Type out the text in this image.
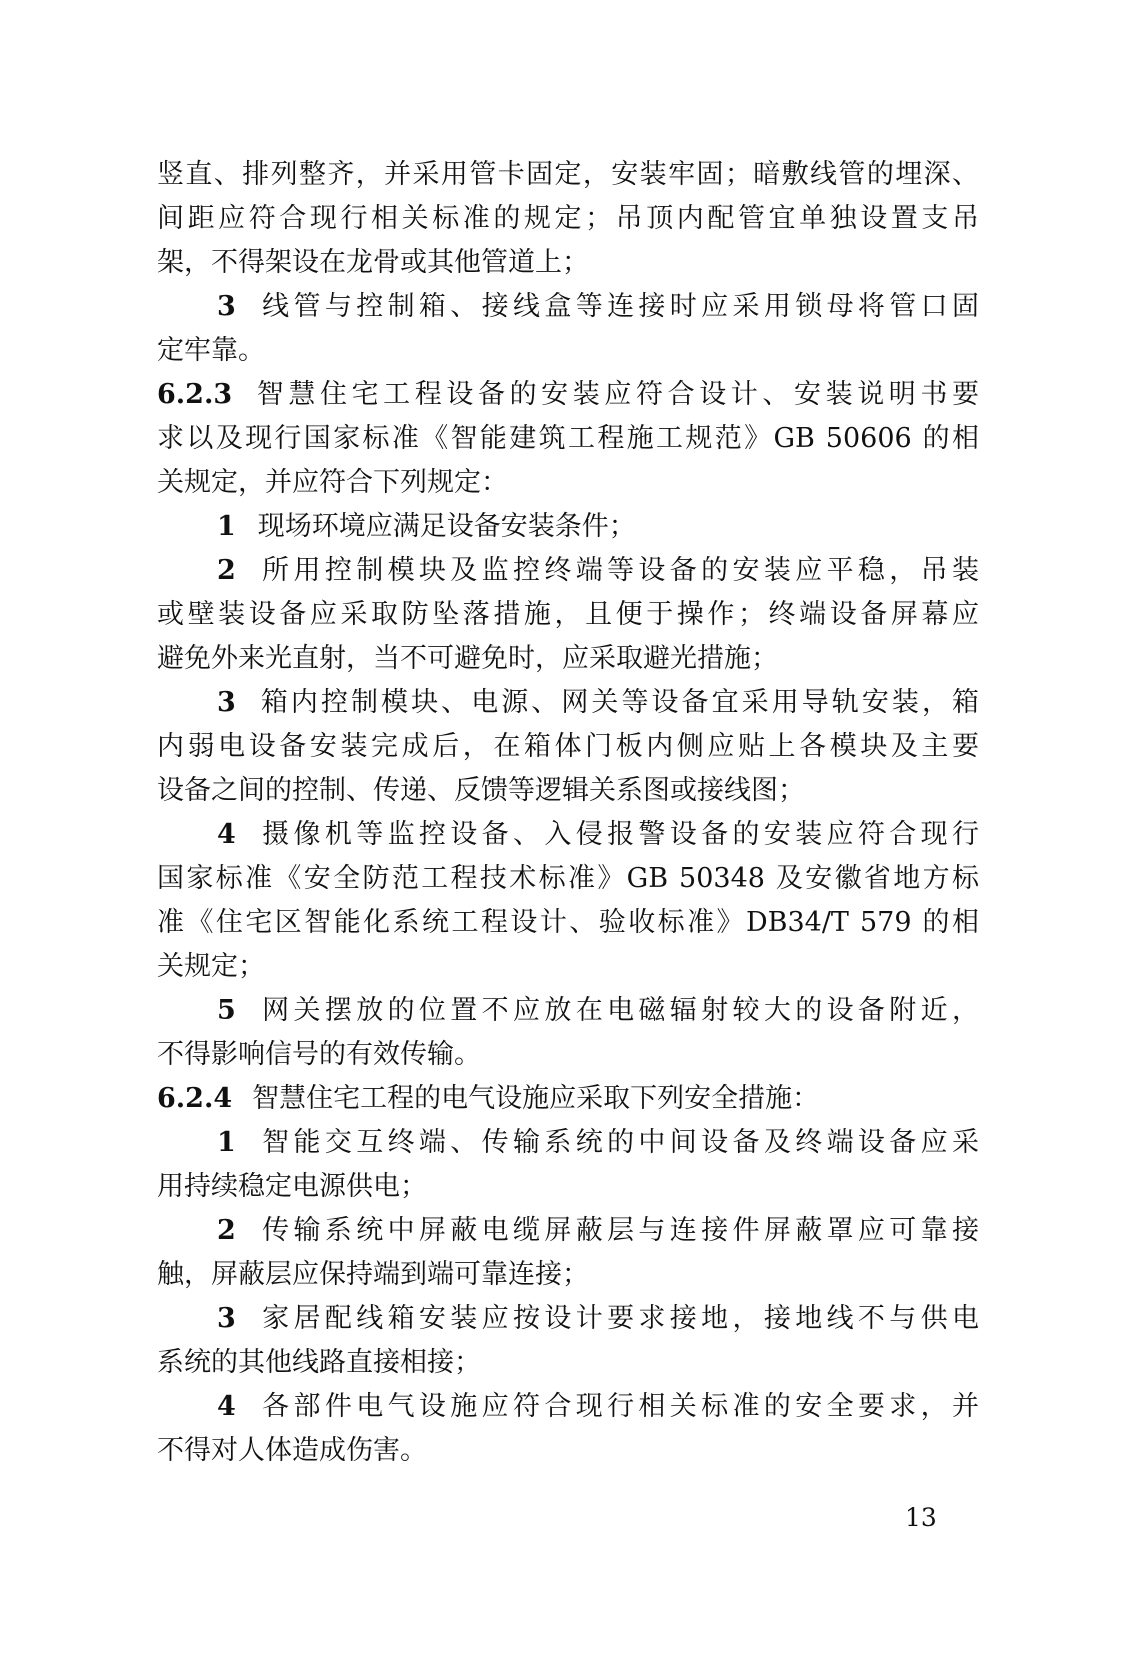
竖直、排列整齐，并采用管卡固定，安装牢固；暗敷线管的埋深、
间距应符合现行相关标准的规定；吊顶内配管宜单独设置支吊
架，不得架设在龙骨或其他管道上；
3 线管与控制箱、接线盒等连接时应采用锁母将管口固
定牢靠。
6.2.3 智慧住宅工程设备的安装应符合设计、安装说明书要
求以及现行国家标准《智能建筑工程施工规范》GB 50606 的相
关规定，并应符合下列规定：
1 现场环境应满足设备安装条件；
2 所用控制模块及监控终端等设备的安装应平稳，吊装
或壁装设备应采取防坠落措施，且便于操作；终端设备屏幕应
避免外来光直射，当不可避免时，应采取避光措施；
3 箱内控制模块、电源、网关等设备宜采用导轨安装，箱
内弱电设备安装完成后，在箱体门板内侧应贴上各模块及主要
设备之间的控制、传递、反馈等逻辑关系图或接线图；
4 摄像机等监控设备、入侵报警设备的安装应符合现行
国家标准《安全防范工程技术标准》GB 50348 及安徽省地方标
准《住宅区智能化系统工程设计、验收标准》DB34/T 579 的相
关规定；
5 网关摆放的位置不应放在电磁辐射较大的设备附近，
不得影响信号的有效传输。
6.2.4 智慧住宅工程的电气设施应采取下列安全措施：
1 智能交互终端、传输系统的中间设备及终端设备应采
用持续稳定电源供电；
2 传输系统中屏蔽电缆屏蔽层与连接件屏蔽罩应可靠接
触，屏蔽层应保持端到端可靠连接；
3 家居配线箱安装应按设计要求接地，接地线不与供电
系统的其他线路直接相接；
4 各部件电气设施应符合现行相关标准的安全要求，并
不得对人体造成伤害。
13
